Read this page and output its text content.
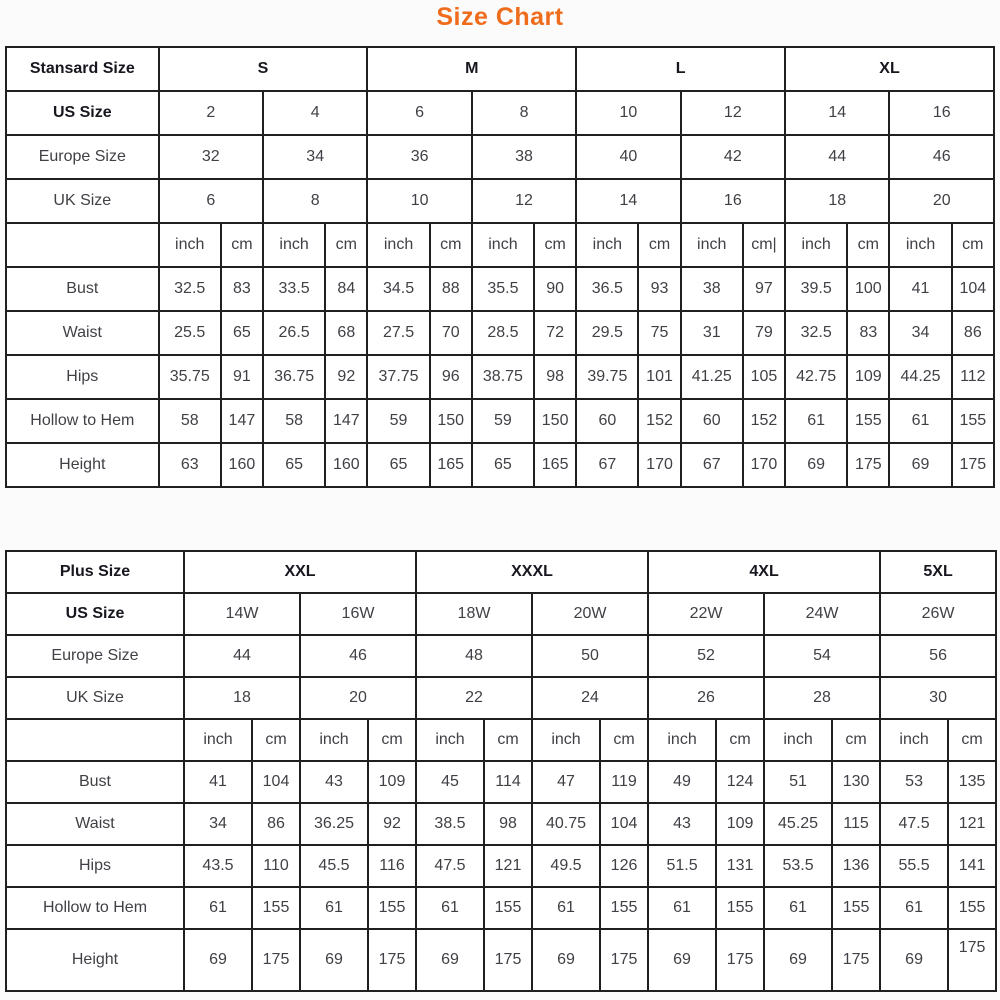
Size Chart
Stansard Size	S				M				L				XL			
US Size	2		4		6		8		10		12		14		16	
Europe Size	32		34		36		38		40		42		44		46	
UK Size	6		8		10		12		14		16		18		20	
	inch	cm	inch	cm	inch	cm	inch	cm	inch	cm	inch	cm|	inch	cm	inch	cm
Bust	32.5	83	33.5	84	34.5	88	35.5	90	36.5	93	38	97	39.5	100	41	104
Waist	25.5	65	26.5	68	27.5	70	28.5	72	29.5	75	31	79	32.5	83	34	86
Hips	35.75	91	36.75	92	37.75	96	38.75	98	39.75	101	41.25	105	42.75	109	44.25	112
Hollow to Hem	58	147	58	147	59	150	59	150	60	152	60	152	61	155	61	155
Height	63	160	65	160	65	165	65	165	67	170	67	170	69	175	69	175
Plus Size	XXL				XXXL				4XL				5XL	
US Size	14W		16W		18W		20W		22W		24W		26W	
Europe Size	44		46		48		50		52		54		56	
UK Size	18		20		22		24		26		28		30	
	inch	cm	inch	cm	inch	cm	inch	cm	inch	cm	inch	cm	inch	cm
Bust	41	104	43	109	45	114	47	119	49	124	51	130	53	135
Waist	34	86	36.25	92	38.5	98	40.75	104	43	109	45.25	115	47.5	121
Hips	43.5	110	45.5	116	47.5	121	49.5	126	51.5	131	53.5	136	55.5	141
Hollow to Hem	61	155	61	155	61	155	61	155	61	155	61	155	61	155
Height	69	175	69	175	69	175	69	175	69	175	69	175	69	175
